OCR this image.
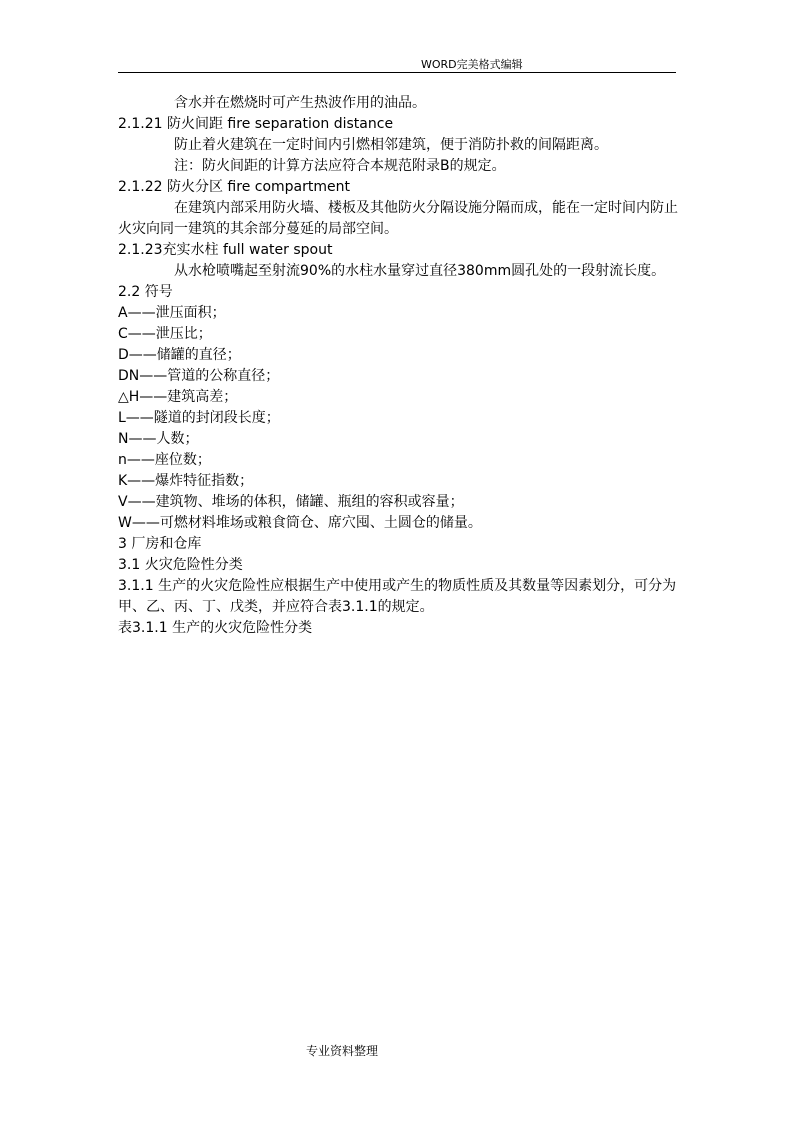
WORD完美格式编辑
含水并在燃烧时可产生热波作用的油品。
2.1.21 防火间距 fire separation distance
防止着火建筑在一定时间内引燃相邻建筑，便于消防扑救的间隔距离。
注：防火间距的计算方法应符合本规范附录B的规定。
2.1.22 防火分区 fire compartment
在建筑内部采用防火墙、楼板及其他防火分隔设施分隔而成，能在一定时间内防止火灾向同一建筑的其余部分蔓延的局部空间。
2.1.23充实水柱 full water spout
从水枪喷嘴起至射流90%的水柱水量穿过直径380mm圆孔处的一段射流长度。
2.2 符号
A——泄压面积；
C——泄压比；
D——储罐的直径；
DN——管道的公称直径；
△H——建筑高差；
L——隧道的封闭段长度；
N——人数；
n——座位数；
K——爆炸特征指数；
V——建筑物、堆场的体积，储罐、瓶组的容积或容量；
W——可燃材料堆场或粮食筒仓、席穴囤、土圆仓的储量。
3 厂房和仓库
3.1 火灾危险性分类
3.1.1 生产的火灾危险性应根据生产中使用或产生的物质性质及其数量等因素划分，可分为甲、乙、丙、丁、戊类，并应符合表3.1.1的规定。
表3.1.1 生产的火灾危险性分类
专业资料整理
